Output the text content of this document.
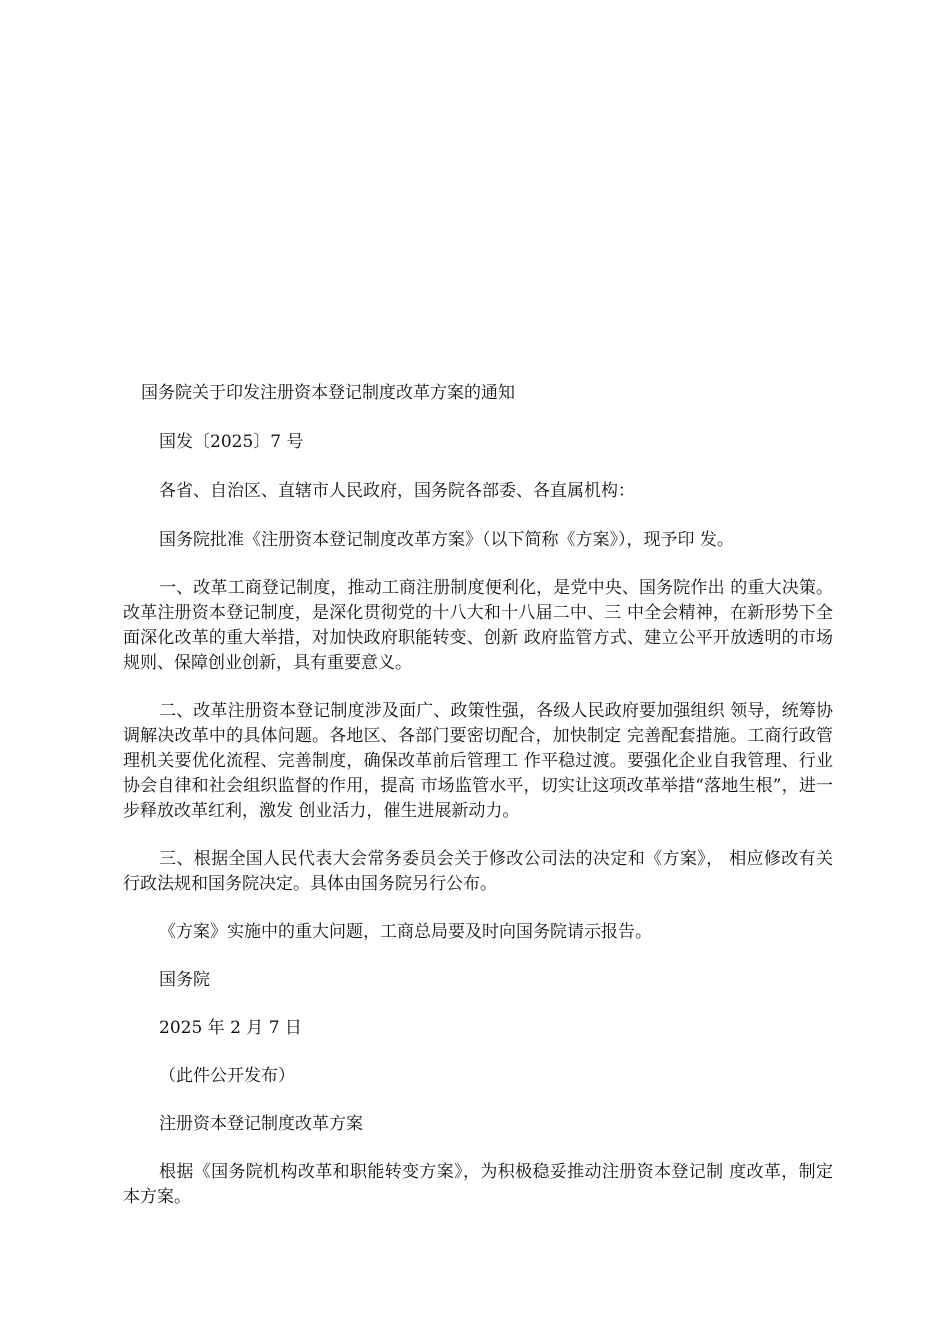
国务院关于印发注册资本登记制度改革方案的通知

国发〔2025〕7 号

各省、自治区、直辖市人民政府，国务院各部委、各直属机构：

国务院批准《注册资本登记制度改革方案》（以下简称《方案》），现予印 发。

一、改革工商登记制度，推动工商注册制度便利化，是党中央、国务院作出 的重大决策。改革注册资本登记制度，是深化贯彻党的十八大和十八届二中、三 中全会精神，在新形势下全面深化改革的重大举措，对加快政府职能转变、创新 政府监管方式、建立公平开放透明的市场规则、保障创业创新，具有重要意义。

二、改革注册资本登记制度涉及面广、政策性强，各级人民政府要加强组织 领导，统筹协调解决改革中的具体问题。各地区、各部门要密切配合，加快制定 完善配套措施。工商行政管理机关要优化流程、完善制度，确保改革前后管理工 作平稳过渡。要强化企业自我管理、行业协会自律和社会组织监督的作用，提高 市场监管水平，切实让这项改革举措“落地生根”，进一步释放改革红利，激发 创业活力，催生进展新动力。

三、根据全国人民代表大会常务委员会关于修改公司法的决定和《方案》， 相应修改有关行政法规和国务院决定。具体由国务院另行公布。

《方案》实施中的重大问题，工商总局要及时向国务院请示报告。

国务院

2025 年 2 月 7 日

（此件公开发布）

注册资本登记制度改革方案

根据《国务院机构改革和职能转变方案》，为积极稳妥推动注册资本登记制 度改革，制定本方案。
